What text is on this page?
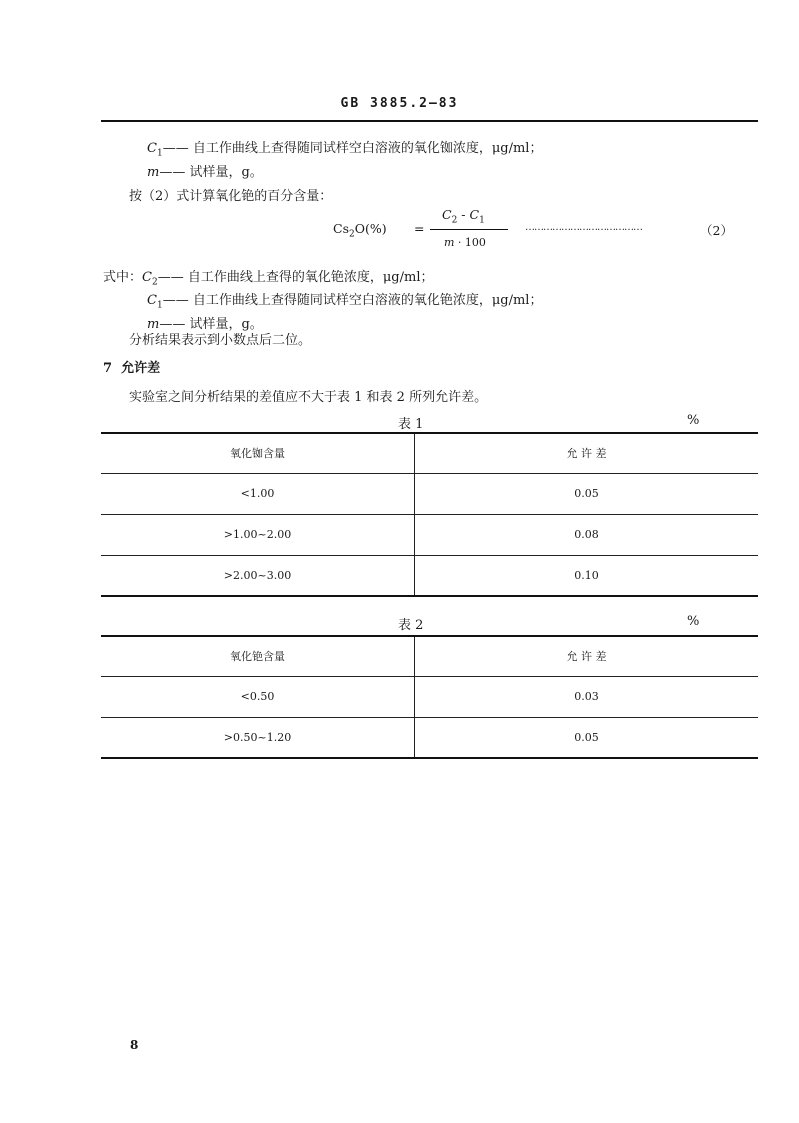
GB 3885.2—83
$C_1——$ 自工作曲线上查得随同试样空白溶液的氧化铷浓度，μg/ml；
m—— 试样量，g。
按（2）式计算氧化铯的百分含量：
$Cs_2O(\%)$ =
$C_2 - C_1$
m · 100
…………………………………	（2）
式中：$C_2——$ 自工作曲线上查得的氧化铯浓度，μg/ml；
$C_1——$ 自工作曲线上查得随同试样空白溶液的氧化铯浓度，μg/ml；
m—— 试样量，g。
分析结果表示到小数点后二位。
7 允许差
实验室之间分析结果的差值应不大于表 1 和表 2 所列允许差。
表 1	%
氧化铷含量	允 许 差
<1.00	0.05
>1.00~2.00	0.08
>2.00~3.00	0.10
表 2	%
氧化铯含量	允 许 差
<0.50	0.03
>0.50~1.20	0.05
8
